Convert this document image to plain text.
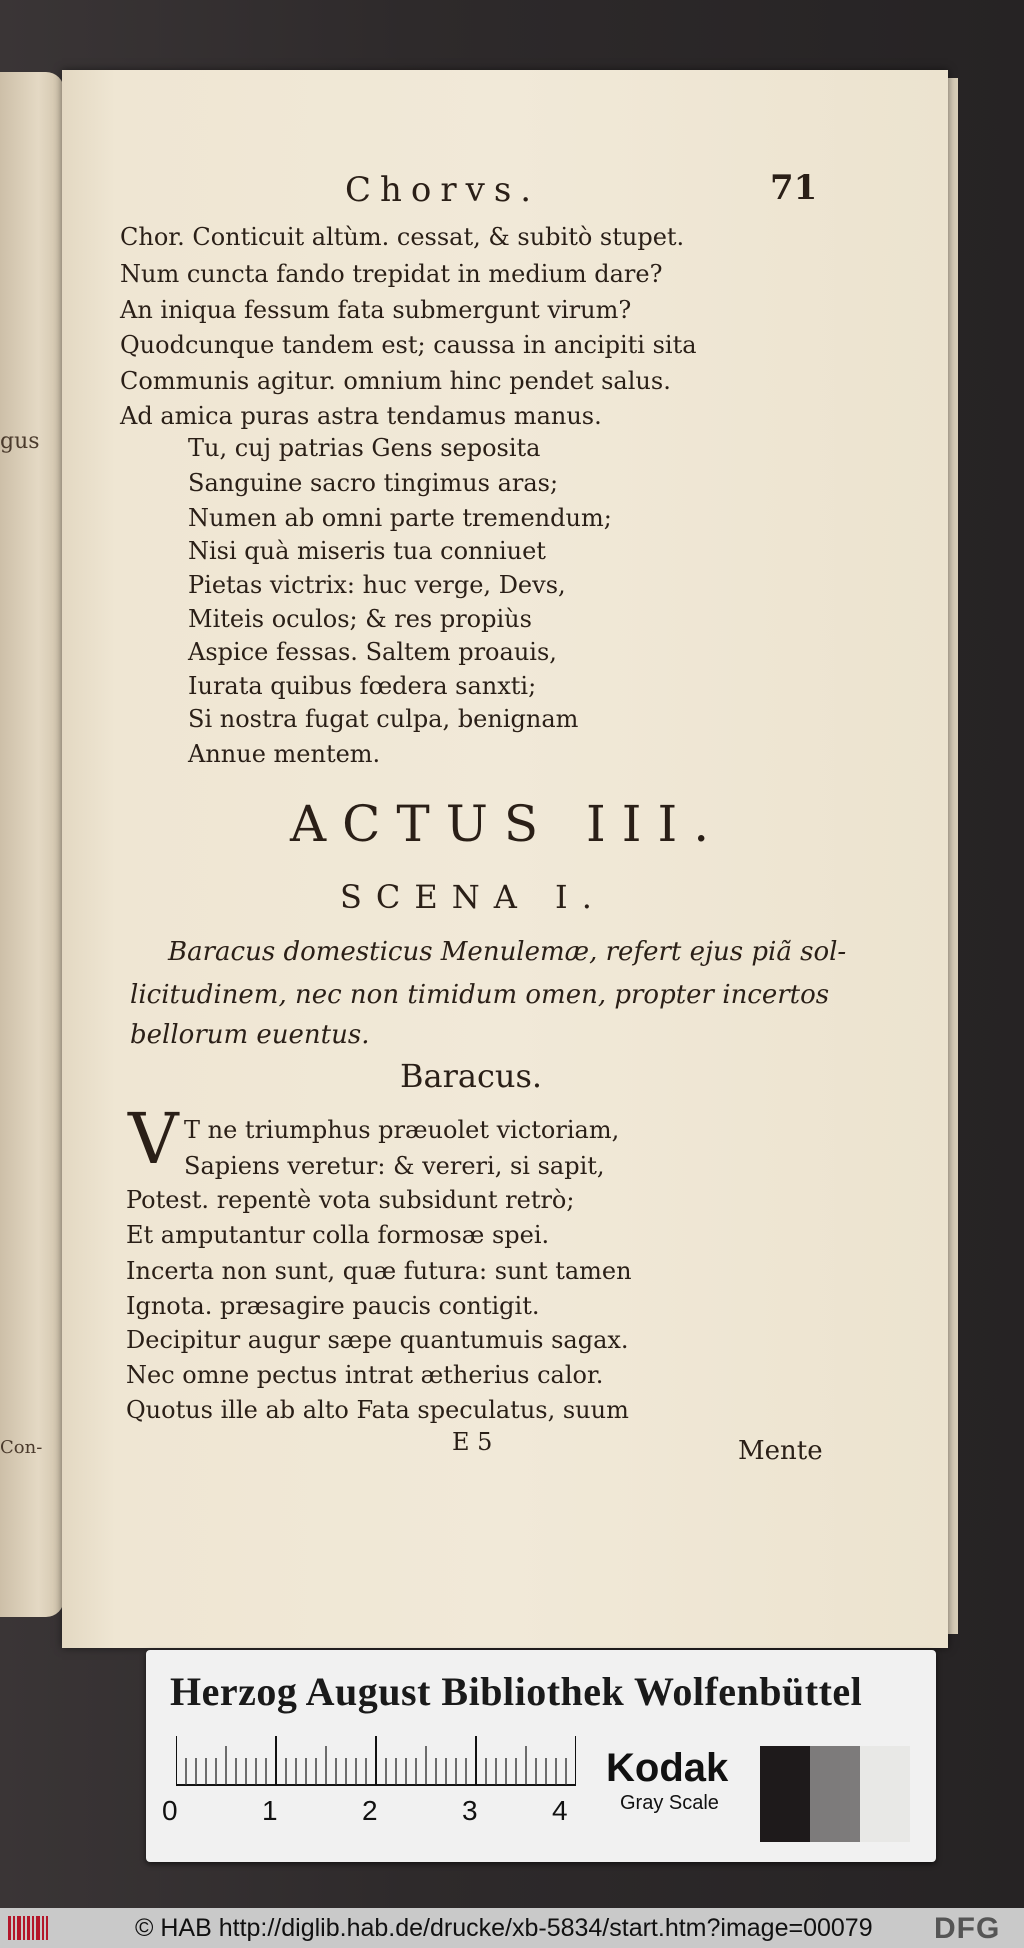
gus
Con-
Chorvs.	71
Chor. Conticuit altùm. cessat, & subitò stupet.
Num cuncta fando trepidat in medium dare?
An iniqua fessum fata submergunt virum?
Quodcunque tandem est; caussa in ancipiti sita
Communis agitur. omnium hinc pendet salus.
Ad amica puras astra tendamus manus.
Tu, cuj patrias Gens seposita
Sanguine sacro tingimus aras;
Numen ab omni parte tremendum;
Nisi quà miseris tua conniuet
Pietas victrix: huc verge, Devs,
Miteis oculos; & res propiùs
Aspice fessas. Saltem proauis,
Iurata quibus fœdera sanxti;
Si nostra fugat culpa, benignam
Annue mentem.
ACTUS III.
SCENA I.
Baracus domesticus Menulemæ, refert ejus piã sol-
licitudinem, nec non timidum omen, propter incertos
bellorum euentus.
Baracus.
V T ne triumphus præuolet victoriam,
Sapiens veretur: & vereri, si sapit,
Potest. repentè vota subsidunt retrò;
Et amputantur colla formosæ spei.
Incerta non sunt, quæ futura: sunt tamen
Ignota. præsagire paucis contigit.
Decipitur augur sæpe quantumuis sagax.
Nec omne pectus intrat ætherius calor.
Quotus ille ab alto Fata speculatus, suum
E 5	Mente
Herzog August Bibliothek Wolfenbüttel
0	1	2	3	4
Kodak
Gray Scale
© HAB http://diglib.hab.de/drucke/xb-5834/start.htm?image=00079 DFG
